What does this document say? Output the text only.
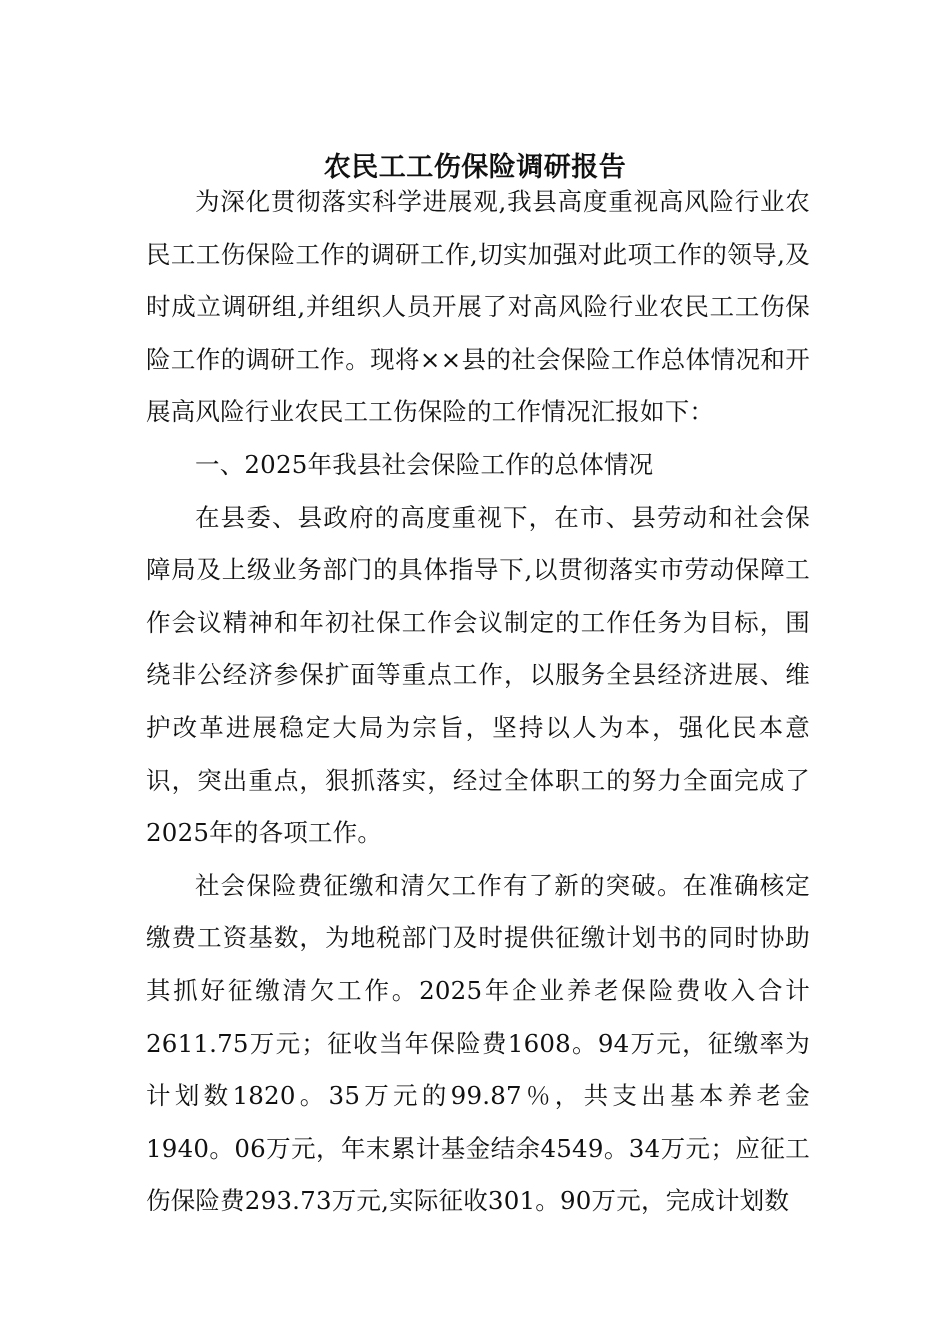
农民工工伤保险调研报告

为深化贯彻落实科学进展观,我县高度重视高风险行业农民工工伤保险工作的调研工作,切实加强对此项工作的领导,及时成立调研组,并组织人员开展了对高风险行业农民工工伤保险工作的调研工作。现将××县的社会保险工作总体情况和开展高风险行业农民工工伤保险的工作情况汇报如下：

一、2025年我县社会保险工作的总体情况

在县委、县政府的高度重视下，在市、县劳动和社会保障局及上级业务部门的具体指导下,以贯彻落实市劳动保障工作会议精神和年初社保工作会议制定的工作任务为目标，围绕非公经济参保扩面等重点工作，以服务全县经济进展、维护改革进展稳定大局为宗旨，坚持以人为本，强化民本意识，突出重点，狠抓落实，经过全体职工的努力全面完成了2025年的各项工作。

社会保险费征缴和清欠工作有了新的突破。在准确核定缴费工资基数，为地税部门及时提供征缴计划书的同时协助其抓好征缴清欠工作。2025年企业养老保险费收入合计2611.75万元；征收当年保险费1608。94万元，征缴率为计划数1820。35万元的99.87％，共支出基本养老金1940。06万元，年末累计基金结余4549。34万元；应征工伤保险费293.73万元,实际征收301。90万元，完成计划数
